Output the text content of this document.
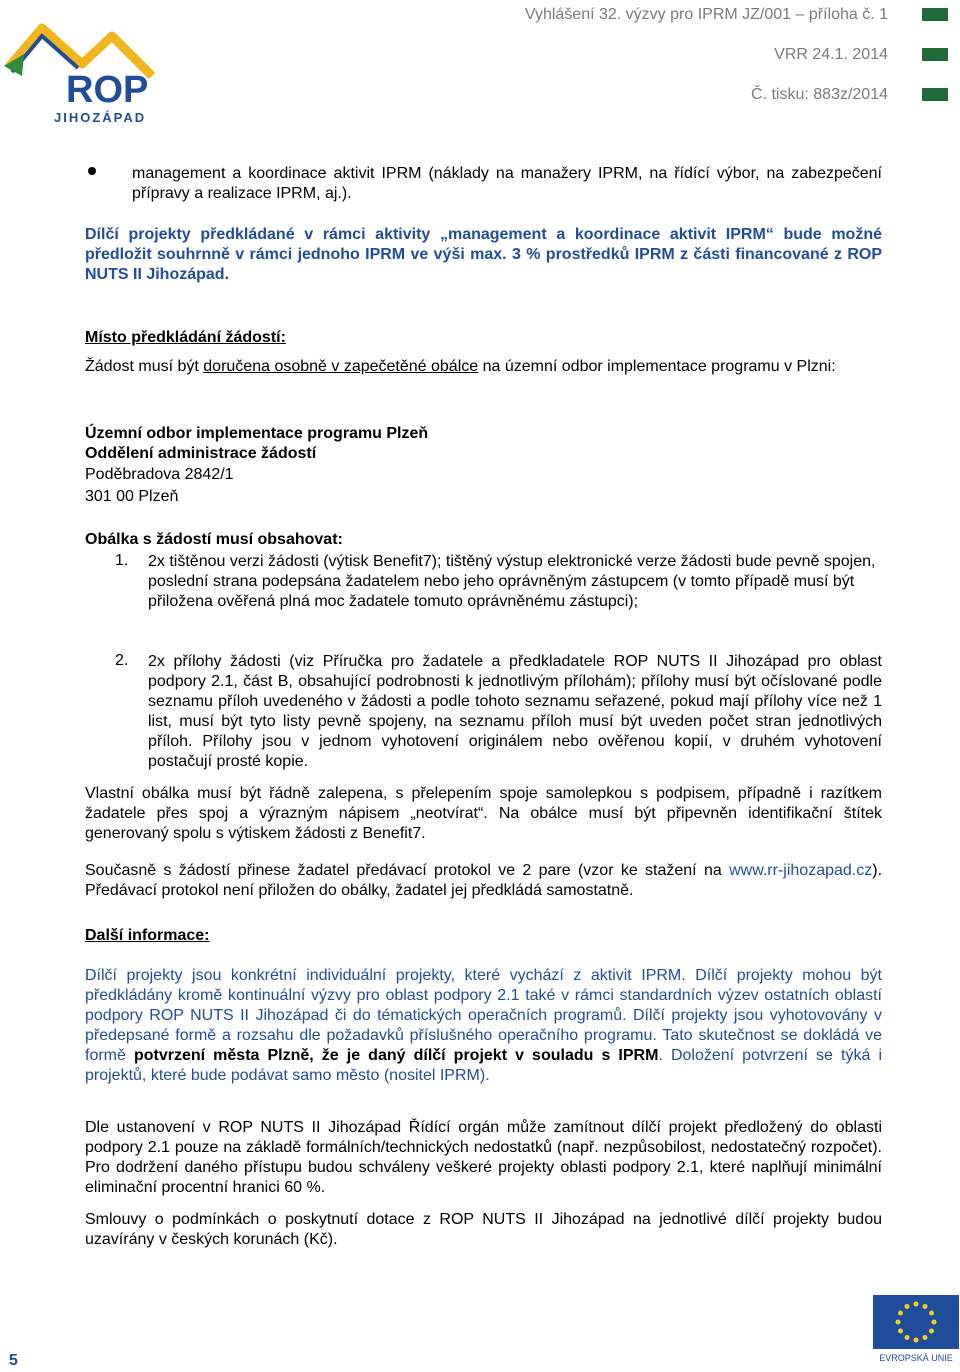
ROP
JIHOZÁPAD
Vyhlášení 32. výzvy pro IPRM JZ/001 – příloha č. 1
VRR 24.1. 2014
Č. tisku: 883z/2014
management a koordinace aktivit IPRM (náklady na manažery IPRM, na řídící výbor, na zabezpečení přípravy a realizace IPRM, aj.).
Dílčí projekty předkládané v rámci aktivity „management a koordinace aktivit IPRM“ bude možné předložit souhrnně v rámci jednoho IPRM ve výši max. 3 % prostředků IPRM z části financované z ROP NUTS II Jihozápad.
Místo předkládání žádostí:
Žádost musí být doručena osobně v zapečetěné obálce na územní odbor implementace programu v Plzni:
Územní odbor implementace programu Plzeň
Oddělení administrace žádostí
Poděbradova 2842/1
301 00 Plzeň
Obálka s žádostí musí obsahovat:
1. 2x tištěnou verzi žádosti (výtisk Benefit7); tištěný výstup elektronické verze žádosti bude pevně spojen, poslední strana podepsána žadatelem nebo jeho oprávněným zástupcem (v tomto případě musí být přiložena ověřená plná moc žadatele tomuto oprávněnému zástupci);
2. 2x přílohy žádosti (viz Příručka pro žadatele a předkladatele ROP NUTS II Jihozápad pro oblast podpory 2.1, část B, obsahující podrobnosti k jednotlivým přílohám); přílohy musí být očíslované podle seznamu příloh uvedeného v žádosti a podle tohoto seznamu seřazené, pokud mají přílohy více než 1 list, musí být tyto listy pevně spojeny, na seznamu příloh musí být uveden počet stran jednotlivých příloh. Přílohy jsou v jednom vyhotovení originálem nebo ověřenou kopií, v druhém vyhotovení postačují prosté kopie.
Vlastní obálka musí být řádně zalepena, s přelepením spoje samolepkou s podpisem, případně i razítkem žadatele přes spoj a výrazným nápisem „neotvírat“. Na obálce musí být připevněn identifikační štítek generovaný spolu s výtiskem žádosti z Benefit7.
Současně s žádostí přinese žadatel předávací protokol ve 2 pare (vzor ke stažení na www.rr-jihozapad.cz). Předávací protokol není přiložen do obálky, žadatel jej předkládá samostatně.
Další informace:
Dílčí projekty jsou konkrétní individuální projekty, které vychází z aktivit IPRM. Dílčí projekty mohou být předkládány kromě kontinuální výzvy pro oblast podpory 2.1 také v rámci standardních výzev ostatních oblastí podpory ROP NUTS II Jihozápad či do tématických operačních programů. Dílčí projekty jsou vyhotovovány v předepsané formě a rozsahu dle požadavků příslušného operačního programu. Tato skutečnost se dokládá ve formě potvrzení města Plzně, že je daný dílčí projekt v souladu s IPRM. Doložení potvrzení se týká i projektů, které bude podávat samo město (nositel IPRM).
Dle ustanovení v ROP NUTS II Jihozápad Řídící orgán může zamítnout dílčí projekt předložený do oblasti podpory 2.1 pouze na základě formálních/technických nedostatků (např. nezpůsobilost, nedostatečný rozpočet). Pro dodržení daného přístupu budou schváleny veškeré projekty oblasti podpory 2.1, které naplňují minimální eliminační procentní hranici 60 %.
Smlouvy o podmínkách o poskytnutí dotace z ROP NUTS II Jihozápad na jednotlivé dílčí projekty budou uzavírány v českých korunách (Kč).
5	EVROPSKÁ UNIE
